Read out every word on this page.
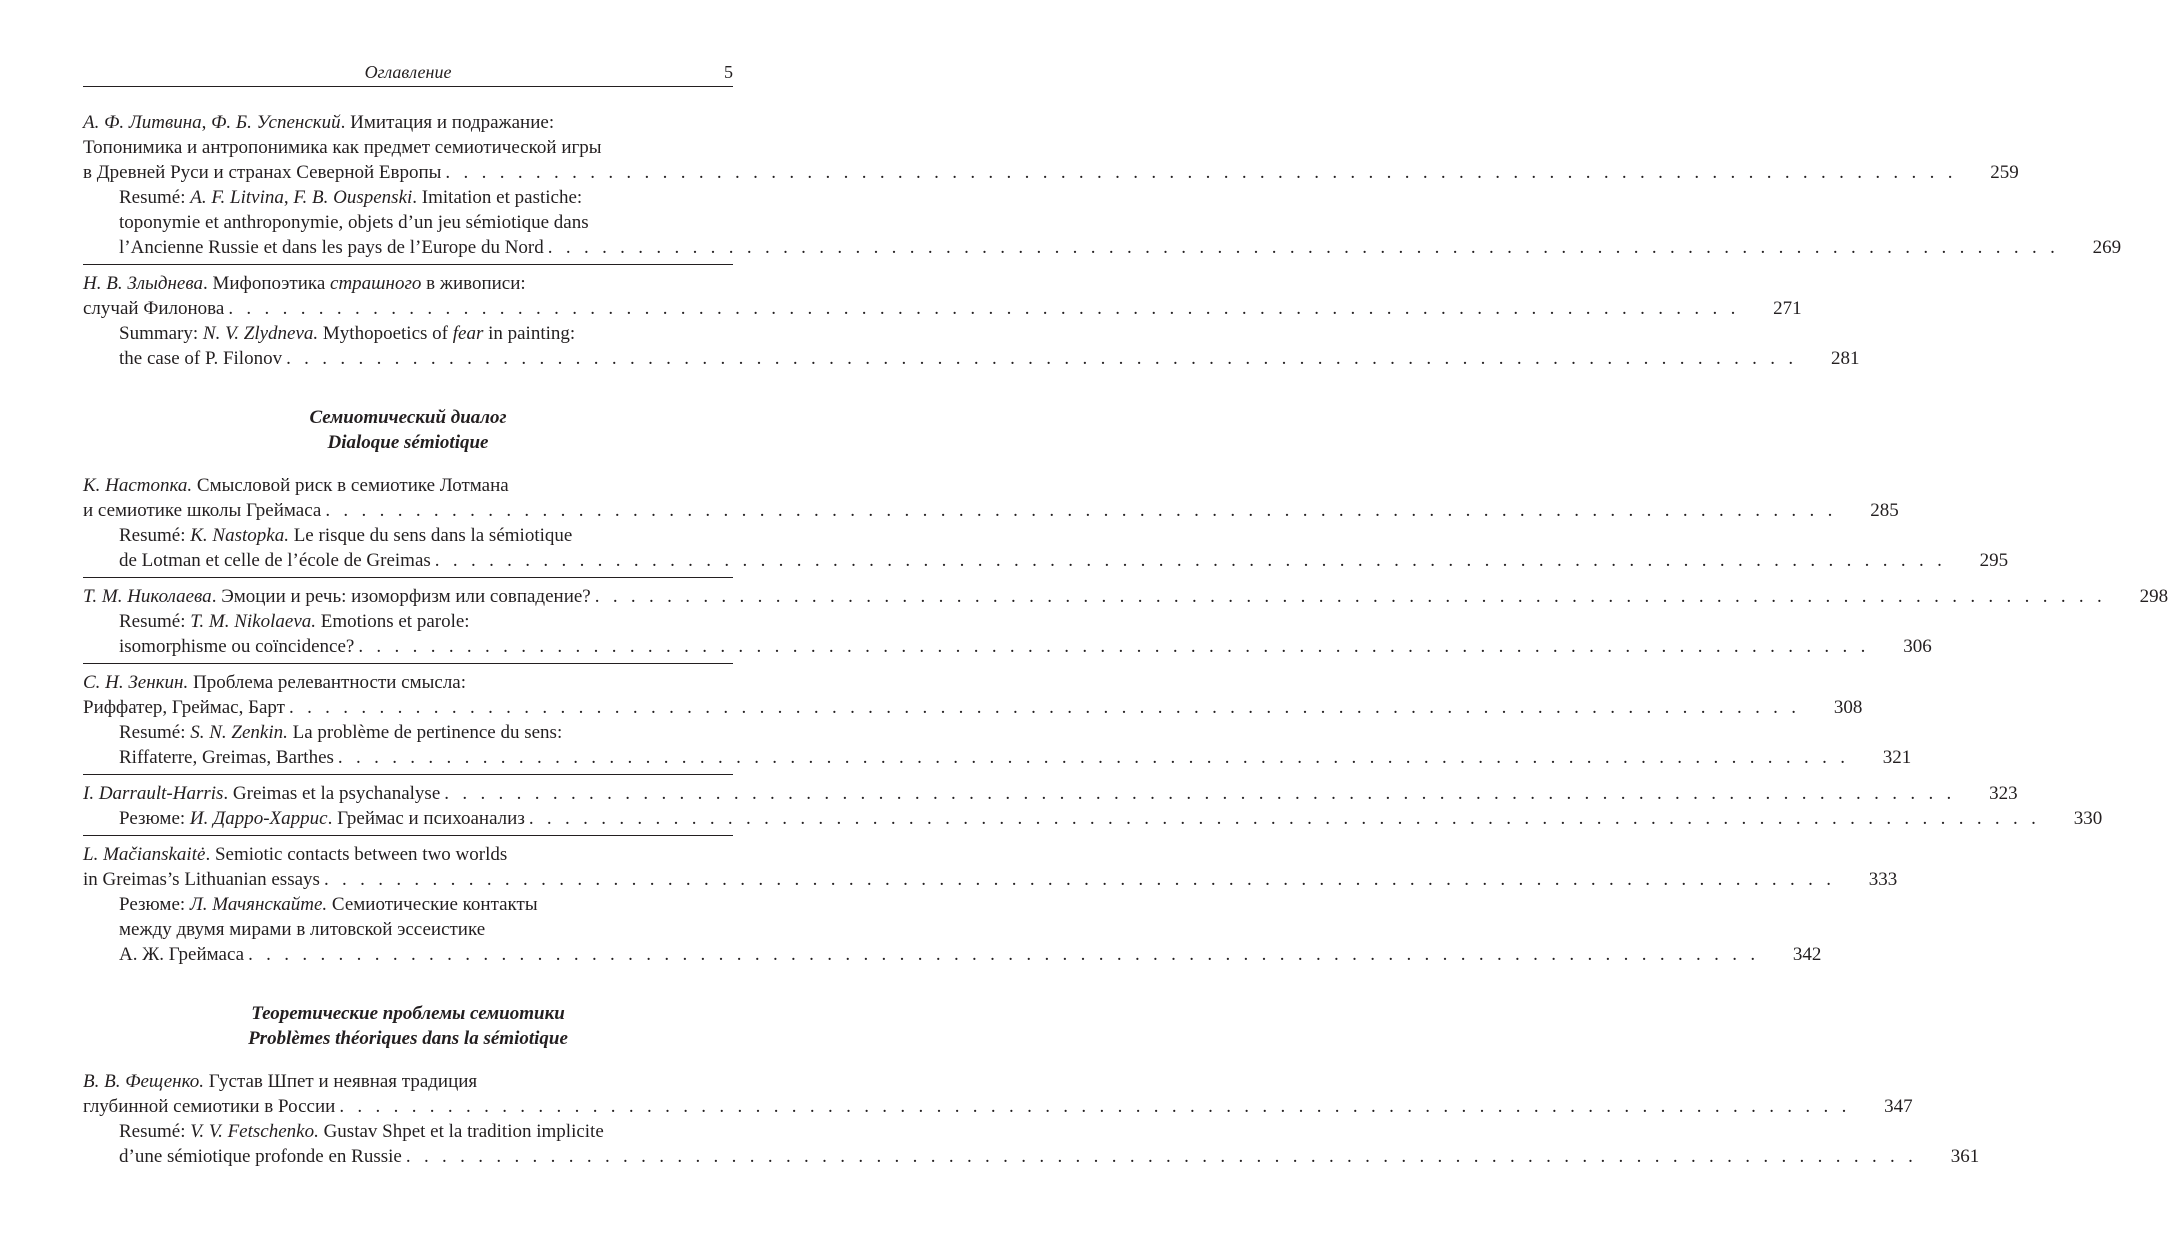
Оглавление	5
А. Ф. Литвина, Ф. Б. Успенский. Имитация и подражание:
Топонимика и антропонимика как предмет семиотической игры
в Древней Руси и странах Северной Европы . . . . . . . . . . . . . . . . . . . . . . . . . . . . . . . . . . . . . . . . . . . . . . . . . . . . . . . . . . . . . . . . . . . . . . . . . . . . . . . . . . . .	259
Resumé: A. F. Litvina, F. B. Ouspenski. Imitation et pastiche:
toponymie et anthroponymie, objets d’un jeu sémiotique dans
l’Ancienne Russie et dans les pays de l’Europe du Nord . . . . . . . . . . . . . . . . . . . . . . . . . . . . . . . . . . . . . . . . . . . . . . . . . . . . . . . . . . . . . . . . . . . . . . . . . . . . . . . . . . . .	269
Н. В. Злыднева. Мифопоэтика страшного в живописи:
случай Филонова . . . . . . . . . . . . . . . . . . . . . . . . . . . . . . . . . . . . . . . . . . . . . . . . . . . . . . . . . . . . . . . . . . . . . . . . . . . . . . . . . . . .	271
Summary: N. V. Zlydneva. Mythopoetics of fear in painting:
the case of P. Filonov . . . . . . . . . . . . . . . . . . . . . . . . . . . . . . . . . . . . . . . . . . . . . . . . . . . . . . . . . . . . . . . . . . . . . . . . . . . . . . . . . . . .	281
Семиотический диалог
Dialoque sémiotique
К. Настопка. Смысловой риск в семиотике Лотмана
и семиотике школы Греймаса . . . . . . . . . . . . . . . . . . . . . . . . . . . . . . . . . . . . . . . . . . . . . . . . . . . . . . . . . . . . . . . . . . . . . . . . . . . . . . . . . . . .	285
Resumé: K. Nastopka. Le risque du sens dans la sémiotique
de Lotman et celle de l’école de Greimas . . . . . . . . . . . . . . . . . . . . . . . . . . . . . . . . . . . . . . . . . . . . . . . . . . . . . . . . . . . . . . . . . . . . . . . . . . . . . . . . . . . .	295
Т. М. Николаева. Эмоции и речь: изоморфизм или совпадение? . . . . . . . . . . . . . . . . . . . . . . . . . . . . . . . . . . . . . . . . . . . . . . . . . . . . . . . . . . . . . . . . . . . . . . . . . . . . . . . . . . . .	298
Resumé: T. M. Nikolaeva. Emotions et parole:
isomorphisme ou coïncidence? . . . . . . . . . . . . . . . . . . . . . . . . . . . . . . . . . . . . . . . . . . . . . . . . . . . . . . . . . . . . . . . . . . . . . . . . . . . . . . . . . . . .	306
С. Н. Зенкин. Проблема релевантности смысла:
Риффатер, Греймас, Барт . . . . . . . . . . . . . . . . . . . . . . . . . . . . . . . . . . . . . . . . . . . . . . . . . . . . . . . . . . . . . . . . . . . . . . . . . . . . . . . . . . . .	308
Resumé: S. N. Zenkin. La problème de pertinence du sens:
Riffaterre, Greimas, Barthes . . . . . . . . . . . . . . . . . . . . . . . . . . . . . . . . . . . . . . . . . . . . . . . . . . . . . . . . . . . . . . . . . . . . . . . . . . . . . . . . . . . .	321
I. Darrault-Harris. Greimas et la psychanalyse . . . . . . . . . . . . . . . . . . . . . . . . . . . . . . . . . . . . . . . . . . . . . . . . . . . . . . . . . . . . . . . . . . . . . . . . . . . . . . . . . . . .	323
Резюме: И. Дарро-Харрис. Греймас и психоанализ . . . . . . . . . . . . . . . . . . . . . . . . . . . . . . . . . . . . . . . . . . . . . . . . . . . . . . . . . . . . . . . . . . . . . . . . . . . . . . . . . . . .	330
L. Mačianskaitė. Semiotic contacts between two worlds
in Greimas’s Lithuanian essays . . . . . . . . . . . . . . . . . . . . . . . . . . . . . . . . . . . . . . . . . . . . . . . . . . . . . . . . . . . . . . . . . . . . . . . . . . . . . . . . . . . .	333
Резюме: Л. Мачянскайте. Семиотические контакты
между двумя мирами в литовской эссеистике
А. Ж. Греймаса . . . . . . . . . . . . . . . . . . . . . . . . . . . . . . . . . . . . . . . . . . . . . . . . . . . . . . . . . . . . . . . . . . . . . . . . . . . . . . . . . . . .	342
Теоретические проблемы семиотики
Problèmes théoriques dans la sémiotique
В. В. Фещенко. Густав Шпет и неявная традиция
глубинной семиотики в России . . . . . . . . . . . . . . . . . . . . . . . . . . . . . . . . . . . . . . . . . . . . . . . . . . . . . . . . . . . . . . . . . . . . . . . . . . . . . . . . . . . .	347
Resumé: V. V. Fetschenko. Gustav Shpet et la tradition implicite
d’une sémiotique profonde en Russie . . . . . . . . . . . . . . . . . . . . . . . . . . . . . . . . . . . . . . . . . . . . . . . . . . . . . . . . . . . . . . . . . . . . . . . . . . . . . . . . . . . .	361
